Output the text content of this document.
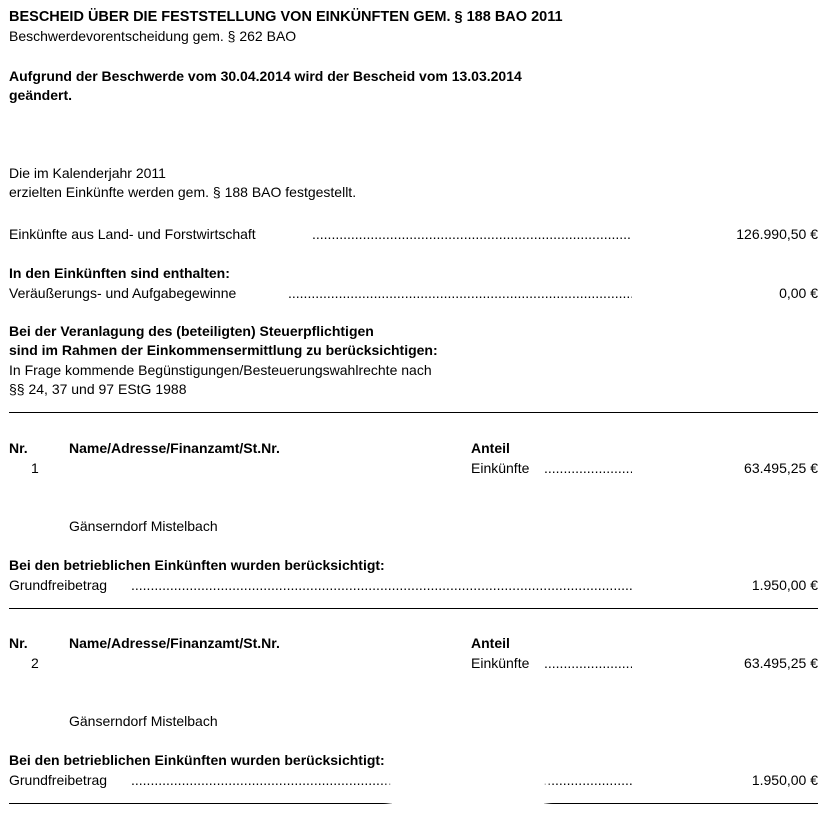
BESCHEID ÜBER DIE FESTSTELLUNG VON EINKÜNFTEN GEM. § 188 BAO 2011
Beschwerdevorentscheidung gem. § 262 BAO
Aufgrund der Beschwerde vom 30.04.2014 wird der Bescheid vom 13.03.2014
geändert.
Die im Kalenderjahr 2011
erzielten Einkünfte werden gem. § 188 BAO festgestellt.
Einkünfte aus Land- und Forstwirtschaft .....	126.990,50 €
In den Einkünften sind enthalten:
Veräußerungs- und Aufgabegewinne .....	0,00 €
Bei der Veranlagung des (beteiligten) Steuerpflichtigen
sind im Rahmen der Einkommensermittlung zu berücksichtigen:
In Frage kommende Begünstigungen/Besteuerungswahlrechte nach
§§ 24, 37 und 97 EStG 1988
Nr.	Name/Adresse/Finanzamt/St.Nr.	Anteil
1	Einkünfte .....	63.495,25 €
Gänserndorf Mistelbach
Bei den betrieblichen Einkünften wurden berücksichtigt:
Grundfreibetrag .....	1.950,00 €
Nr.	Name/Adresse/Finanzamt/St.Nr.	Anteil
2	Einkünfte .....	63.495,25 €
Gänserndorf Mistelbach
Bei den betrieblichen Einkünften wurden berücksichtigt:
Grundfreibetrag .....	1.950,00 €
